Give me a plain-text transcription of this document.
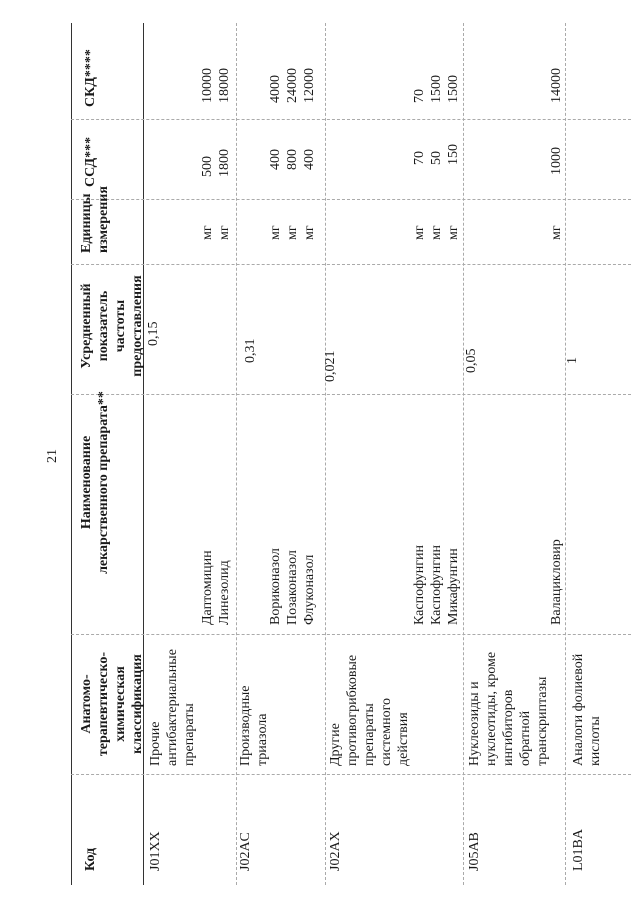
21
Код
Анатомо-терапевтическо-химическая классификация
Наименование лекарственного препарата**
Усредненный показатель частоты предоставления
Единицы измерения
ССД***
СКД****
J01XX
Прочие антибактериальные препараты
0,15
Даптомицин
мг
500
10000
Линезолид
мг
1800
18000
J02AC
Производные триазола
0,31
Вориконазол
мг
400
4000
Позаконазол
мг
800
24000
Флуконазол
мг
400
12000
J02AX
Другие противогрибковые препараты системного действия
0,021
Каспофунгин
мг
70
70
Каспофунгин
мг
50
1500
Микафунгин
мг
150
1500
J05AB
Нуклеозиды и нуклеотиды, кроме ингибиторов обратной транскриптазы
0,05
Валацикловир
мг
1000
14000
L01BA
Аналоги фолиевой кислоты
1
